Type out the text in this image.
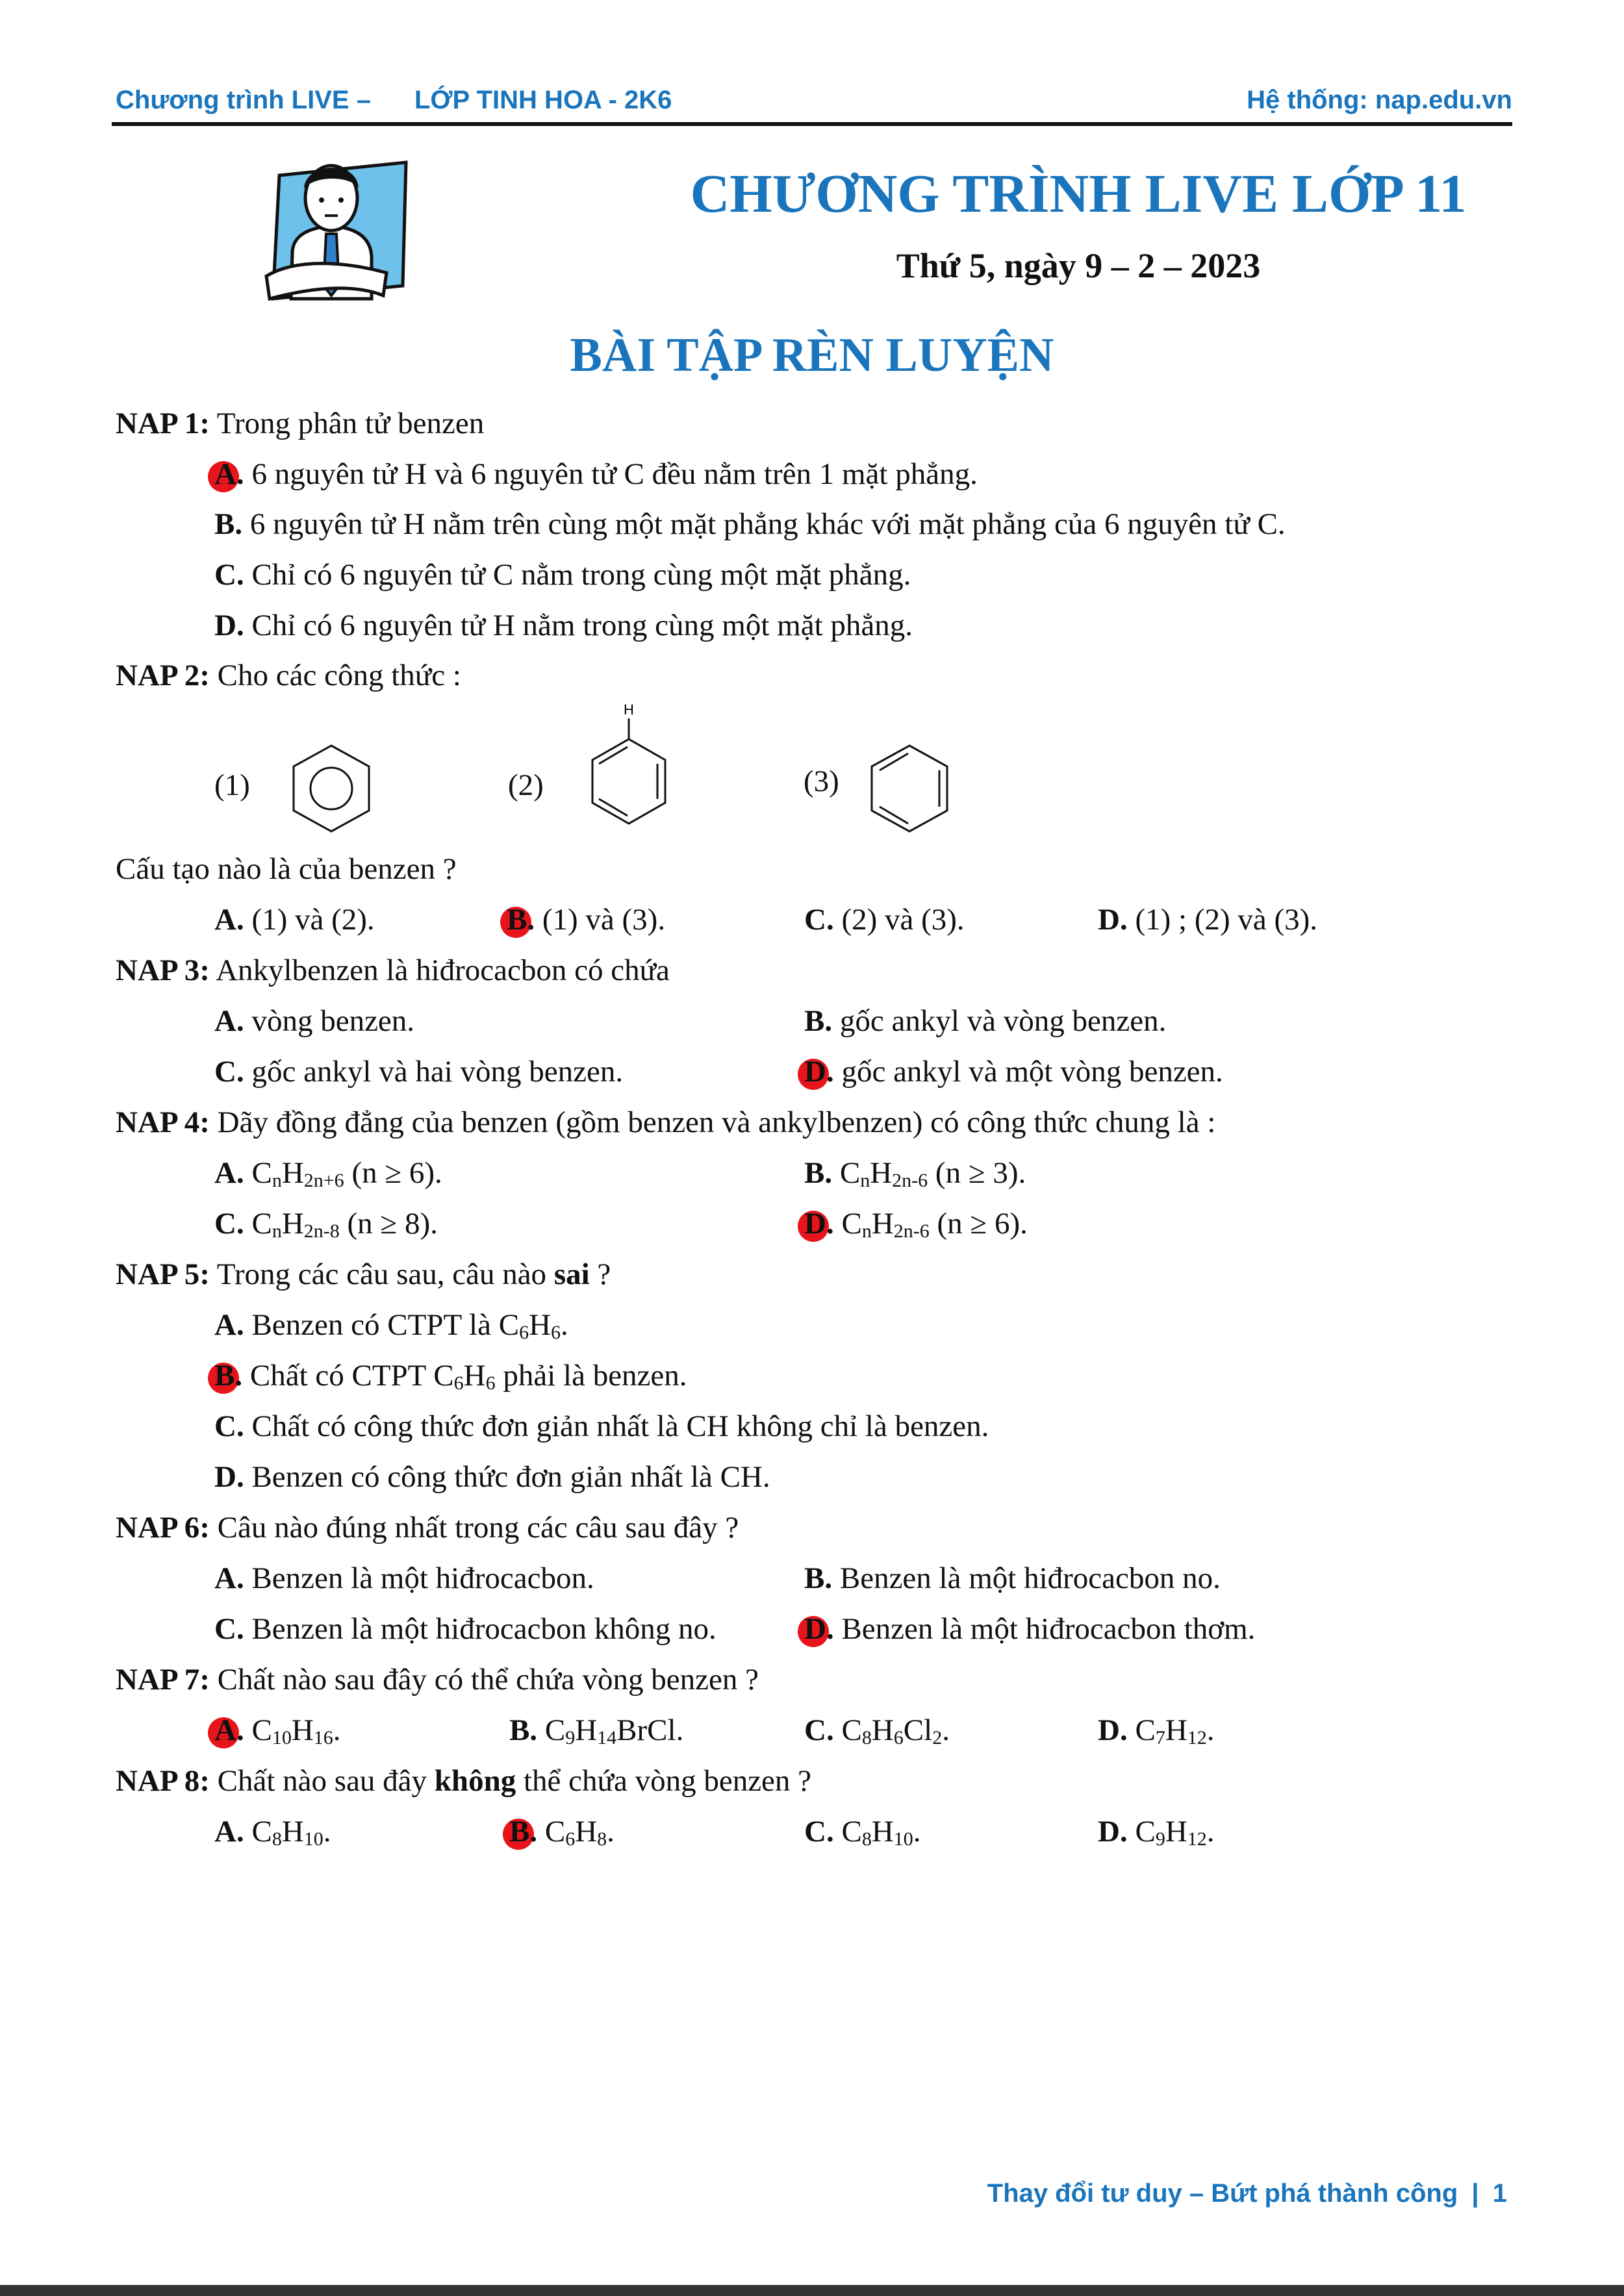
Chương trình LIVE – LỚP TINH HOA - 2K6	Hệ thống: nap.edu.vn
CHƯƠNG TRÌNH LIVE LỚP 11
Thứ 5, ngày 9 – 2 – 2023
BÀI TẬP RÈN LUYỆN
NAP 1: Trong phân tử benzen
A. 6 nguyên tử H và 6 nguyên tử C đều nằm trên 1 mặt phẳng.
B. 6 nguyên tử H nằm trên cùng một mặt phẳng khác với mặt phẳng của 6 nguyên tử C.
C. Chỉ có 6 nguyên tử C nằm trong cùng một mặt phẳng.
D. Chỉ có 6 nguyên tử H nằm trong cùng một mặt phẳng.
NAP 2: Cho các công thức :
(1)	(2)
H
(3)
Cấu tạo nào là của benzen ?
A. (1) và (2).	B. (1) và (3).	C. (2) và (3).	D. (1) ; (2) và (3).
NAP 3: Ankylbenzen là hiđrocacbon có chứa
A. vòng benzen.	B. gốc ankyl và vòng benzen.
C. gốc ankyl và hai vòng benzen.	D. gốc ankyl và một vòng benzen.
NAP 4: Dãy đồng đẳng của benzen (gồm benzen và ankylbenzen) có công thức chung là :
A. $C_nH_{2n+6}$ (n ≥ 6).	B. $C_nH_{2n-6}$ (n ≥ 3).
C. $C_nH_{2n-8}$ (n ≥ 8).	D. $C_nH_{2n-6}$ (n ≥ 6).
NAP 5: Trong các câu sau, câu nào sai ?
A. Benzen có CTPT là $C_6H_6$.
B. Chất có CTPT $C_6H_6$ phải là benzen.
C. Chất có công thức đơn giản nhất là CH không chỉ là benzen.
D. Benzen có công thức đơn giản nhất là CH.
NAP 6: Câu nào đúng nhất trong các câu sau đây ?
A. Benzen là một hiđrocacbon.	B. Benzen là một hiđrocacbon no.
C. Benzen là một hiđrocacbon không no.	D. Benzen là một hiđrocacbon thơm.
NAP 7: Chất nào sau đây có thể chứa vòng benzen ?
A. $C_{10}H_{16}$.	B. $C_9H_{14}BrCl$.	C. $C_8H_6Cl_2$.	D. $C_7H_{12}$.
NAP 8: Chất nào sau đây không thể chứa vòng benzen ?
A. $C_8H_{10}$.	B. $C_6H_8$.	C. $C_8H_{10}$.	D. $C_9H_{12}$.
Thay đổi tư duy – Bứt phá thành công | 1
